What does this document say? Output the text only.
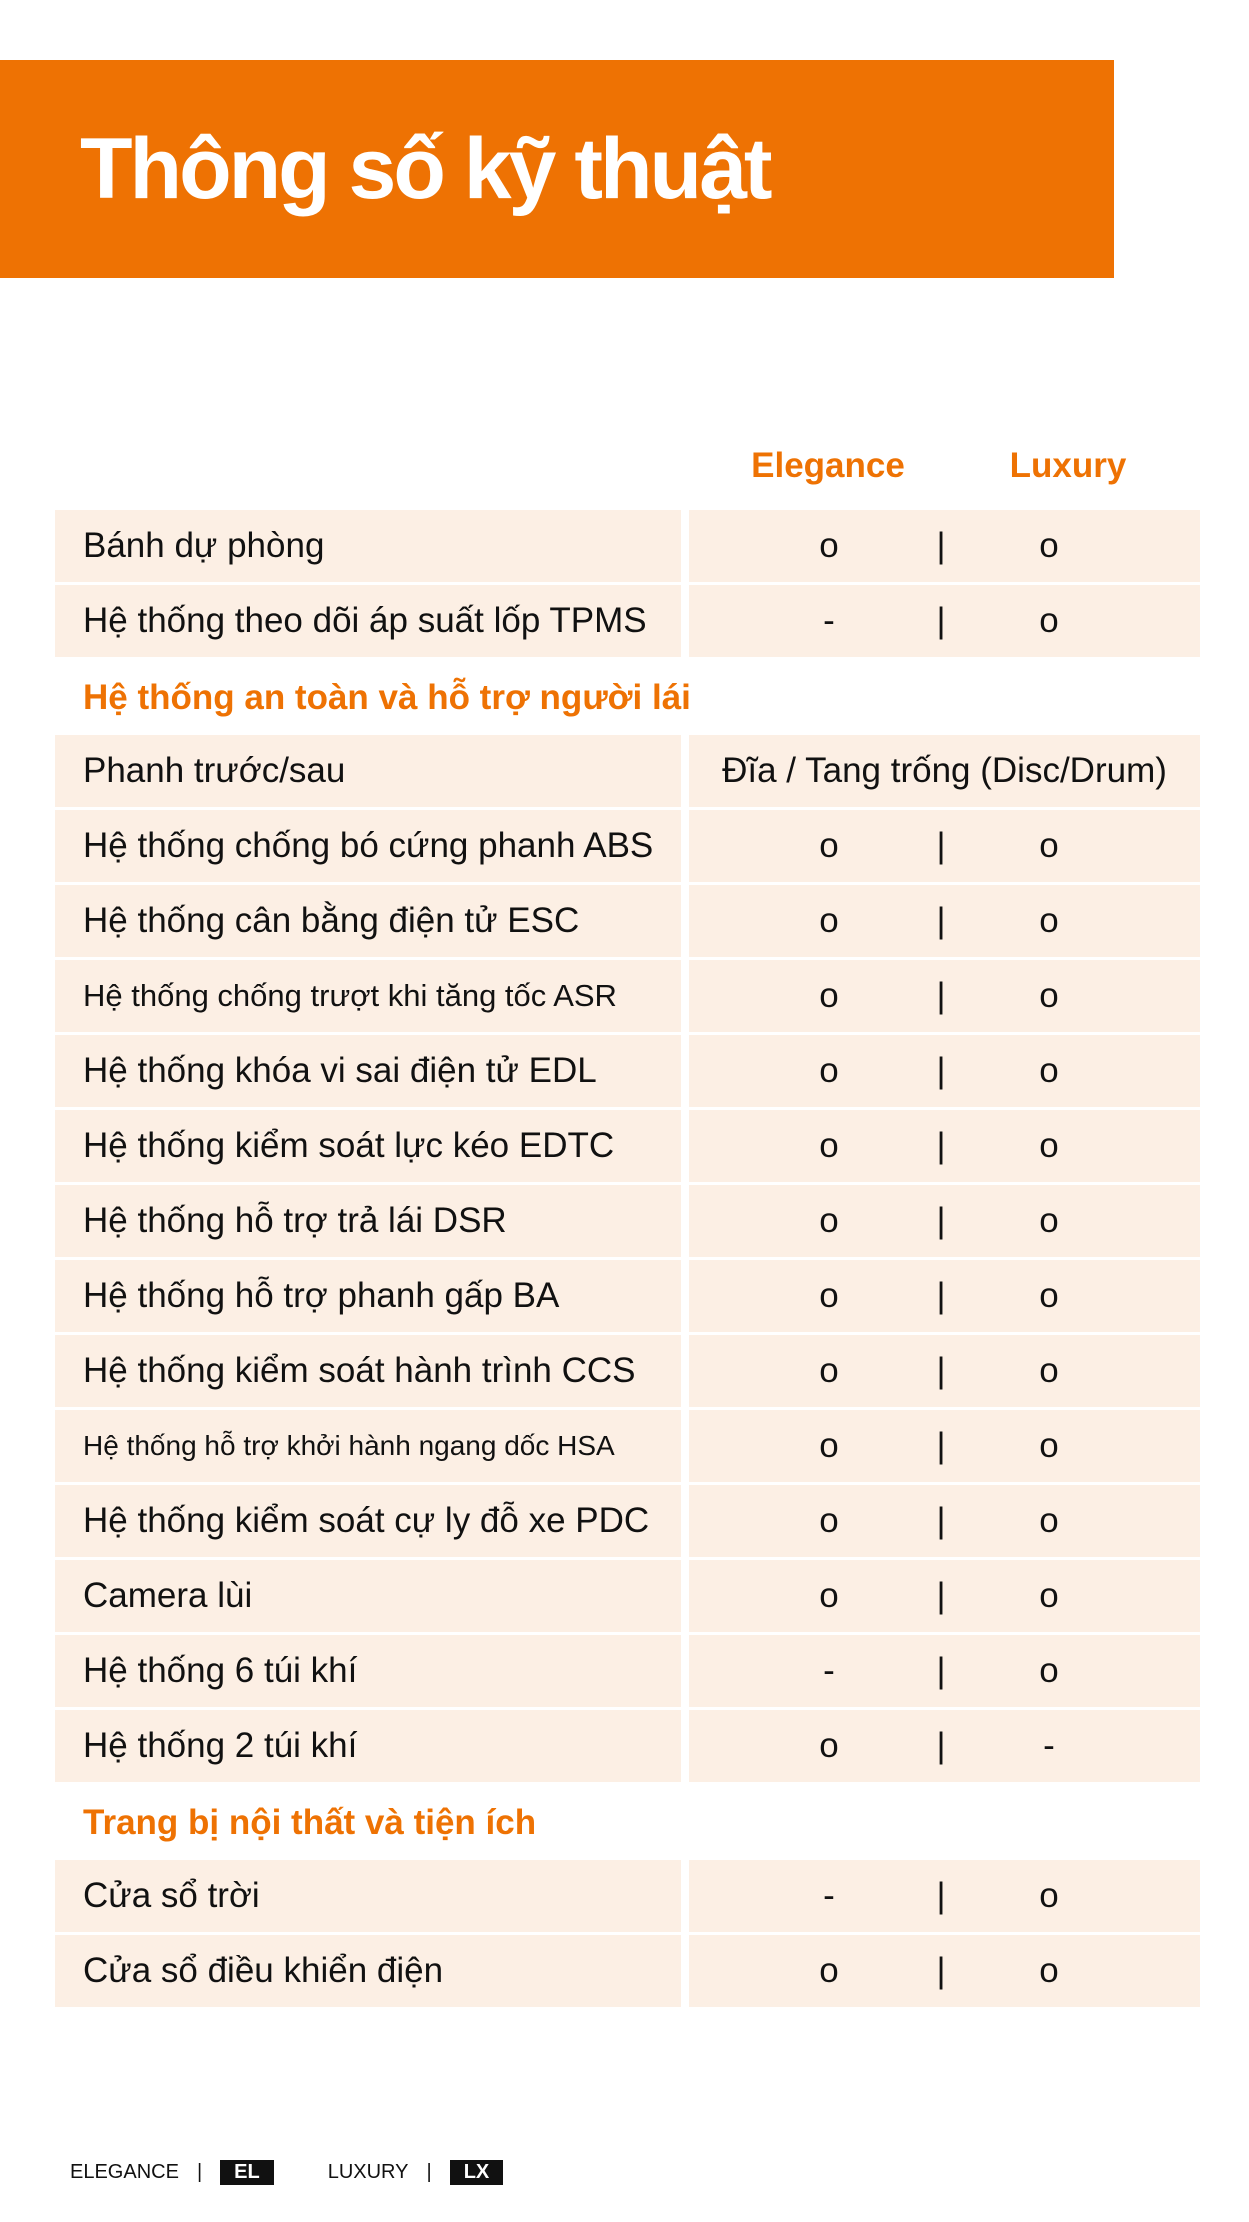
Thông số kỹ thuật
Elegance	Luxury
Bánh dự phòng	o	|	o
Hệ thống theo dõi áp suất lốp TPMS	-	|	o
Hệ thống an toàn và hỗ trợ người lái
Phanh trước/sau	Đĩa / Tang trống (Disc/Drum)
Hệ thống chống bó cứng phanh ABS	o	|	o
Hệ thống cân bằng điện tử ESC	o	|	o
Hệ thống chống trượt khi tăng tốc ASR	o	|	o
Hệ thống khóa vi sai điện tử EDL	o	|	o
Hệ thống kiểm soát lực kéo EDTC	o	|	o
Hệ thống hỗ trợ trả lái DSR	o	|	o
Hệ thống hỗ trợ phanh gấp BA	o	|	o
Hệ thống kiểm soát hành trình CCS	o	|	o
Hệ thống hỗ trợ khởi hành ngang dốc HSA	o	|	o
Hệ thống kiểm soát cự ly đỗ xe PDC	o	|	o
Camera lùi	o	|	o
Hệ thống 6 túi khí	-	|	o
Hệ thống 2 túi khí	o	|	-
Trang bị nội thất và tiện ích
Cửa sổ trời	-	|	o
Cửa sổ điều khiển điện	o	|	o
ELEGANCE |	EL	LUXURY |	LX
